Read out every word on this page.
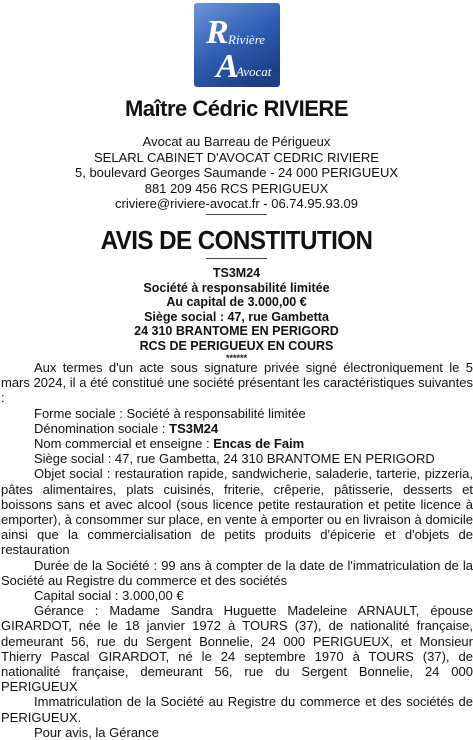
R Rivière
A
Avocat
Maître Cédric RIVIERE
Avocat au Barreau de Périgueux
SELARL CABINET D'AVOCAT CEDRIC RIVIERE
5, boulevard Georges Saumande - 24 000 PERIGUEUX
881 209 456 RCS PERIGUEUX
criviere@riviere-avocat.fr - 06.74.95.93.09
AVIS DE CONSTITUTION
TS3M24
Société à responsabilité limitée
Au capital de 3.000,00 €
Siège social : 47, rue Gambetta
24 310 BRANTOME EN PERIGORD
RCS DE PERIGUEUX EN COURS
******

Aux termes d'un acte sous signature privée signé électroniquement le 5 mars 2024, il a été constitué une société présentant les caractéristiques suivantes :

Forme sociale : Société à responsabilité limitée

Dénomination sociale : TS3M24

Nom commercial et enseigne : Encas de Faim

Siège social : 47, rue Gambetta, 24 310 BRANTOME EN PERIGORD

Objet social : restauration rapide, sandwicherie, saladerie, tarterie, pizzeria, pâtes alimentaires, plats cuisinés, friterie, crêperie, pâtisserie, desserts et boissons sans et avec alcool (sous licence petite restauration et petite licence à emporter), à consommer sur place, en vente à emporter ou en livraison à domicile ainsi que la commercialisation de petits produits d'épicerie et d'objets de restauration

Durée de la Société : 99 ans à compter de la date de l'immatriculation de la Société au Registre du commerce et des sociétés

Capital social : 3.000,00 €

Gérance : Madame Sandra Huguette Madeleine ARNAULT, épouse GIRARDOT, née le 18 janvier 1972 à TOURS (37), de nationalité française, demeurant 56, rue du Sergent Bonnelie, 24 000 PERIGUEUX, et Monsieur Thierry Pascal GIRARDOT, né le 24 septembre 1970 à TOURS (37), de nationalité française, demeurant 56, rue du Sergent Bonnelie, 24 000 PERIGUEUX

Immatriculation de la Société au Registre du commerce et des sociétés de PERIGUEUX.

Pour avis, la Gérance
